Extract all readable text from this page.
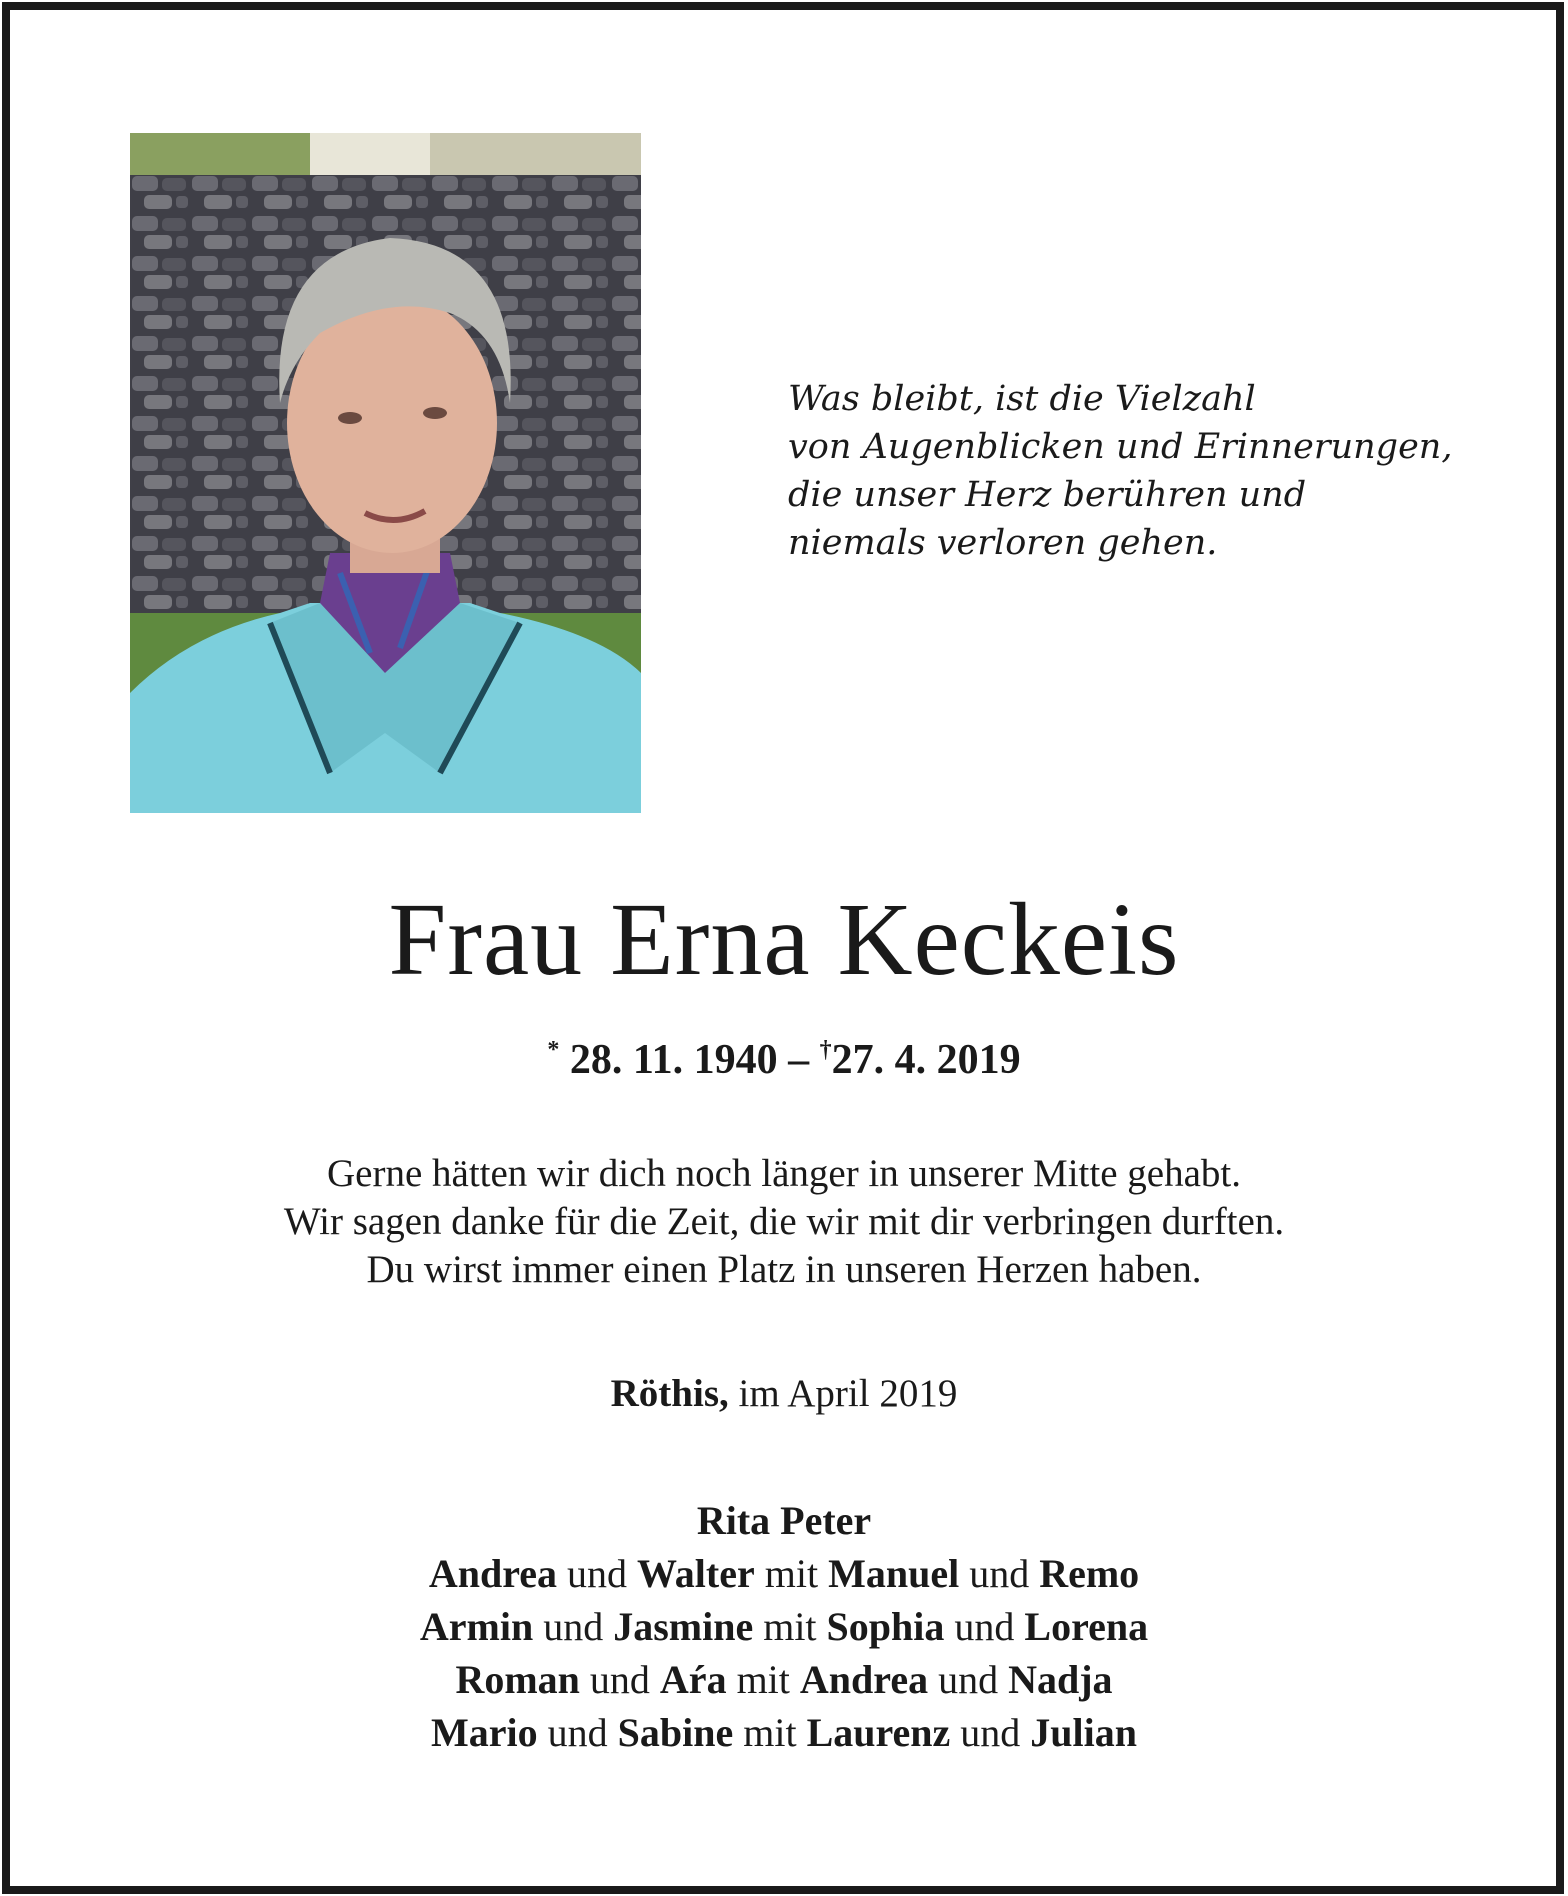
Was bleibt, ist die Vielzahl
von Augenblicken und Erinnerungen,
die unser Herz berühren und
niemals verloren gehen.
Frau Erna Keckeis
* 28. 11. 1940 – †27. 4. 2019
Gerne hätten wir dich noch länger in unserer Mitte gehabt.
Wir sagen danke für die Zeit, die wir mit dir verbringen durften.
Du wirst immer einen Platz in unseren Herzen haben.
Röthis, im April 2019
Rita Peter
Andrea und Walter mit Manuel und Remo
Armin und Jasmine mit Sophia und Lorena
Roman und Aŕa mit Andrea und Nadja
Mario und Sabine mit Laurenz und Julian
